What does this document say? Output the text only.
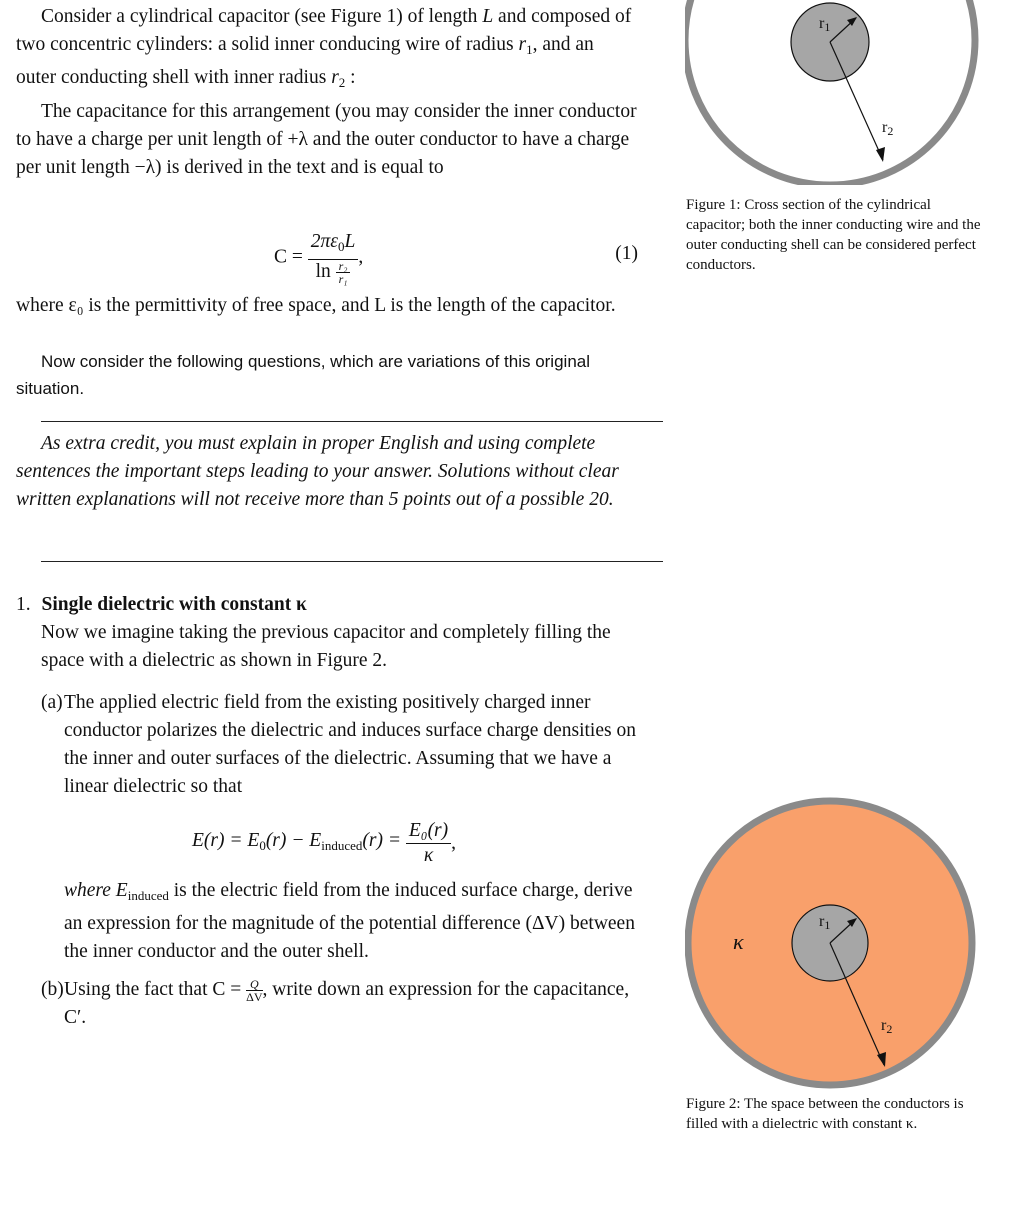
Consider a cylindrical capacitor (see Figure 1) of length L and composed of two concentric cylinders: a solid inner conducing wire of radius $r_1$, and an outer conducting shell with inner radius $r_2$ :

The capacitance for this arrangement (you may consider the inner conductor to have a charge per unit length of +λ and the outer conductor to have a charge per unit length −λ) is derived in the text and is equal to

$C = \frac{2\pi\varepsilon_0L}{\ln \frac{\text{r₂}}{\text{r₁}}}$ ,	(1)

where ε₀ is the permittivity of free space, and L is the length of the capacitor.

Now consider the following questions, which are variations of this original situation.

As extra credit, you must explain in proper English and using complete sentences the important steps leading to your answer. Solutions without clear written explanations will not receive more than 5 points out of a possible 20.

1. Single dielectric with constant κ

Now we imagine taking the previous capacitor and completely filling the space with a dielectric as shown in Figure 2.

(a) The applied electric field from the existing positively charged inner conductor polarizes the dielectric and induces surface charge densities on the inner and outer surfaces of the dielectric. Assuming that we have a linear dielectric so that

$E(r) = E_0(r) - E_{induced}(r) = \frac{\text{E₀(r)}}{\kappa}$ ,

where $E_{induced}$ is the electric field from the induced surface charge, derive an expression for the magnitude of the potential difference (ΔV) between the inner conductor and the outer shell.

(b) Using the fact that $C = \frac{Q}{\Delta V}$ , write down an expression for the capacitance, C′.

r1
r2
Figure 1: Cross section of the cylindrical capacitor; both the inner conducting wire and the outer conducting shell can be considered perfect conductors.
κ
r1
r2
Figure 2: The space between the conductors is filled with a dielectric with constant κ.
